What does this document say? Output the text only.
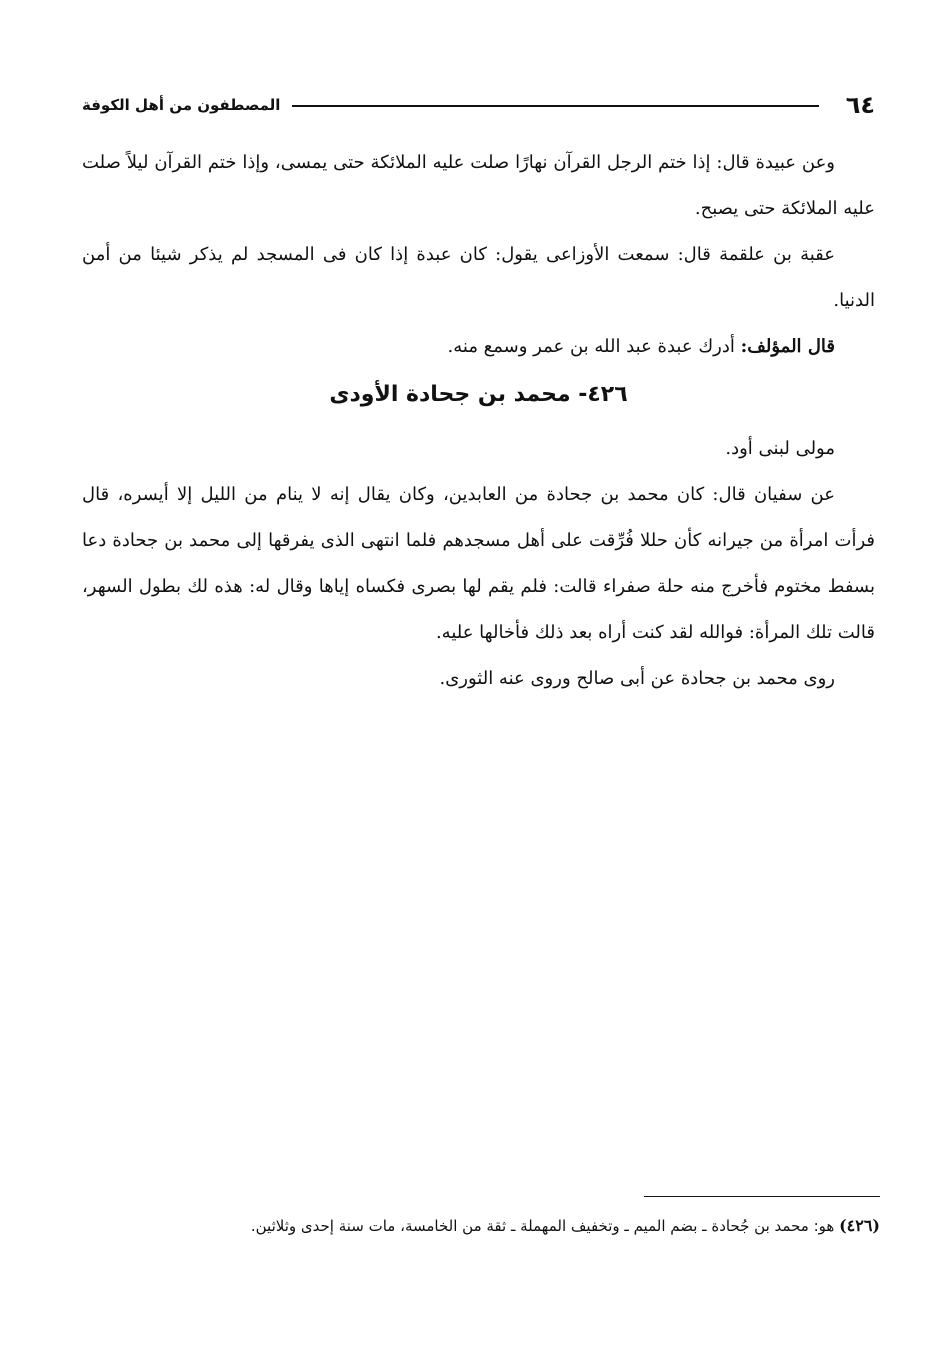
٦٤
المصطفون من أهل الكوفة

وعن عبيدة قال: إذا ختم الرجل القرآن نهارًا صلت عليه الملائكة حتى يمسى، وإذا ختم القرآن ليلاً صلت عليه الملائكة حتى يصبح.

عقبة بن علقمة قال: سمعت الأوزاعى يقول: كان عبدة إذا كان فى المسجد لم يذكر شيئا من أمن الدنيا.

قال المؤلف: أدرك عبدة عبد الله بن عمر وسمع منه.

٤٢٦- محمد بن جحادة الأودى

مولى لبنى أود.

عن سفيان قال: كان محمد بن جحادة من العابدين، وكان يقال إنه لا ينام من الليل إلا أيسره، قال فرأت امرأة من جيرانه كأن حللا فُرِّقت على أهل مسجدهم فلما انتهى الذى يفرقها إلى محمد بن جحادة دعا بسفط مختوم فأخرج منه حلة صفراء قالت: فلم يقم لها بصرى فكساه إياها وقال له: هذه لك بطول السهر، قالت تلك المرأة: فوالله لقد كنت أراه بعد ذلك فأخالها عليه.

روى محمد بن جحادة عن أبى صالح وروى عنه الثورى.

(٤٢٦) هو: محمد بن جُحادة ـ بضم الميم ـ وتخفيف المهملة ـ ثقة من الخامسة، مات سنة إحدى وثلاثين.
